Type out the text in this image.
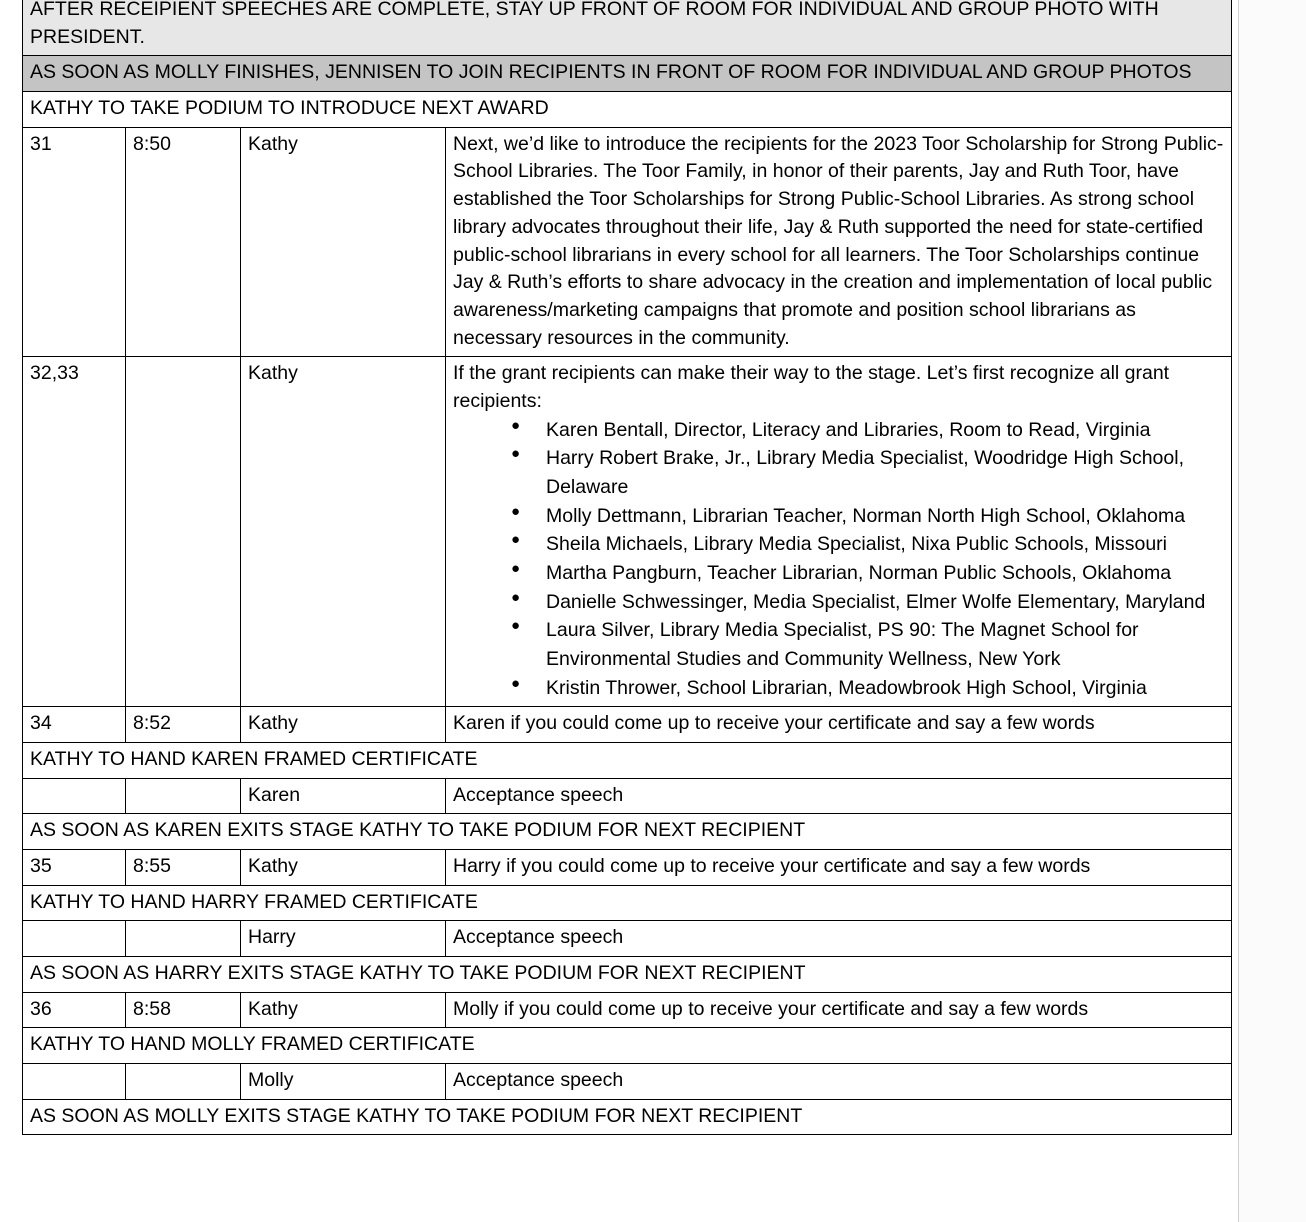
AFTER RECEIPIENT SPEECHES ARE COMPLETE, STAY UP FRONT OF ROOM FOR INDIVIDUAL AND GROUP PHOTO WITH PRESIDENT.			
AS SOON AS MOLLY FINISHES, JENNISEN TO JOIN RECIPIENTS IN FRONT OF ROOM FOR INDIVIDUAL AND GROUP PHOTOS			
KATHY TO TAKE PODIUM TO INTRODUCE NEXT AWARD			
31	8:50	Kathy	Next, we’d like to introduce the recipients for the 2023 Toor Scholarship for Strong Public-School Libraries. The Toor Family, in honor of their parents, Jay and Ruth Toor, have established the Toor Scholarships for Strong Public-School Libraries. As strong school library advocates throughout their life, Jay & Ruth supported the need for state-certified public-school librarians in every school for all learners. The Toor Scholarships continue Jay & Ruth’s efforts to share advocacy in the creation and implementation of local public awareness/marketing campaigns that promote and position school librarians as necessary resources in the community.

32,33		Kathy	If the grant recipients can make their way to the stage. Let’s first recognize all grant recipients:
● Karen Bentall, Director, Literacy and Libraries, Room to Read, Virginia
● Harry Robert Brake, Jr., Library Media Specialist, Woodridge High School, Delaware
● Molly Dettmann, Librarian Teacher, Norman North High School, Oklahoma
● Sheila Michaels, Library Media Specialist, Nixa Public Schools, Missouri
● Martha Pangburn, Teacher Librarian, Norman Public Schools, Oklahoma
● Danielle Schwessinger, Media Specialist, Elmer Wolfe Elementary, Maryland
● Laura Silver, Library Media Specialist, PS 90: The Magnet School for Environmental Studies and Community Wellness, New York
● Kristin Thrower, School Librarian, Meadowbrook High School, Virginia

34	8:52	Kathy	Karen if you could come up to receive your certificate and say a few words

KATHY TO HAND KAREN FRAMED CERTIFICATE			
		Karen	Acceptance speech

AS SOON AS KAREN EXITS STAGE KATHY TO TAKE PODIUM FOR NEXT RECIPIENT			
35	8:55	Kathy	Harry if you could come up to receive your certificate and say a few words

KATHY TO HAND HARRY FRAMED CERTIFICATE			
		Harry	Acceptance speech

AS SOON AS HARRY EXITS STAGE KATHY TO TAKE PODIUM FOR NEXT RECIPIENT			
36	8:58	Kathy	Molly if you could come up to receive your certificate and say a few words

KATHY TO HAND MOLLY FRAMED CERTIFICATE			
		Molly	Acceptance speech

AS SOON AS MOLLY EXITS STAGE KATHY TO TAKE PODIUM FOR NEXT RECIPIENT			
